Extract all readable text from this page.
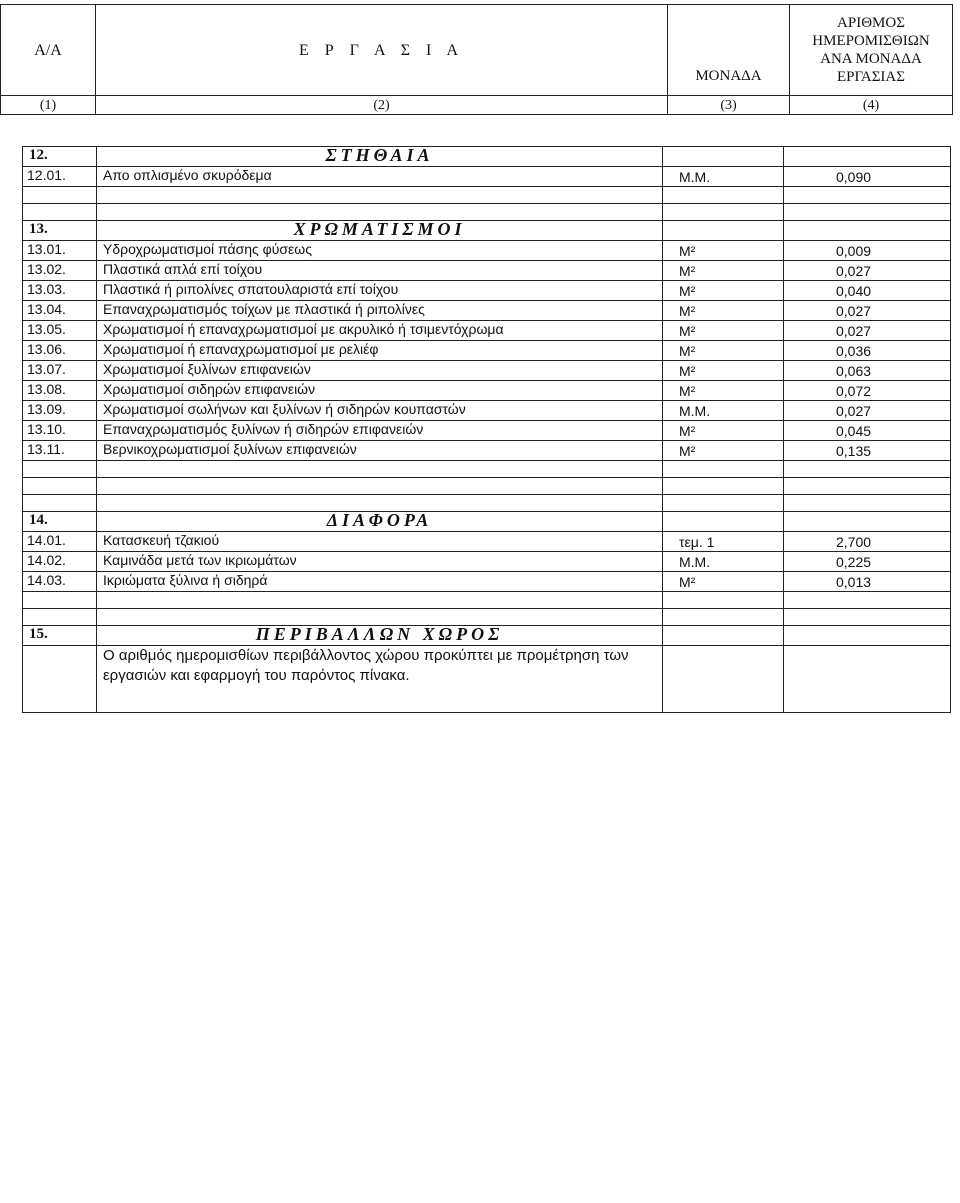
Α/Α	Ε Ρ Γ Α Σ Ι Α	ΜΟΝΑΔΑ	ΑΡΙΘΜΟΣ ΗΜΕΡΟΜΙΣΘΙΩΝ ΑΝΑ ΜΟΝΑΔΑ ΕΡΓΑΣΙΑΣ
(1)	(2)	(3)	(4)
12.	ΣΤΗΘΑΙΑ		
12.01.	Απο οπλισμένο σκυρόδεμα	Μ.Μ.	0,090

13.	ΧΡΩΜΑΤΙΣΜΟΙ		
13.01.	Υδροχρωματισμοί πάσης φύσεως	Μ²	0,009
13.02.	Πλαστικά απλά επί τοίχου	Μ²	0,027
13.03.	Πλαστικά ή ριπολίνες σπατουλαριστά επί τοίχου	Μ²	0,040
13.04.	Επαναχρωματισμός τοίχων με πλαστικά ή ριπολίνες	Μ²	0,027
13.05.	Χρωματισμοί ή επαναχρωματισμοί με ακρυλικό ή τσιμεντόχρωμα	Μ²	0,027
13.06.	Χρωματισμοί ή επαναχρωματισμοί με ρελιέφ	Μ²	0,036
13.07.	Χρωματισμοί ξυλίνων επιφανειών	Μ²	0,063
13.08.	Χρωματισμοί σιδηρών επιφανειών	Μ²	0,072
13.09.	Χρωματισμοί σωλήνων και ξυλίνων ή σιδηρών κουπαστών	Μ.Μ.	0,027
13.10.	Επαναχρωματισμός ξυλίνων ή σιδηρών επιφανειών	Μ²	0,045
13.11.	Βερνικοχρωματισμοί ξυλίνων επιφανειών	Μ²	0,135

14.	ΔΙΑΦΟΡΑ		
14.01.	Κατασκευή τζακιού	τεμ. 1	2,700
14.02.	Καμινάδα μετά των ικριωμάτων	Μ.Μ.	0,225
14.03.	Ικριώματα ξύλινα ή σιδηρά	Μ²	0,013

15.	ΠΕΡΙΒΑΛΛΩΝ ΧΩΡΟΣ		
	Ο αριθμός ημερομισθίων περιβάλλοντος χώρου προκύπτει με προμέτρηση των εργασιών και εφαρμογή του παρόντος πίνακα.		
